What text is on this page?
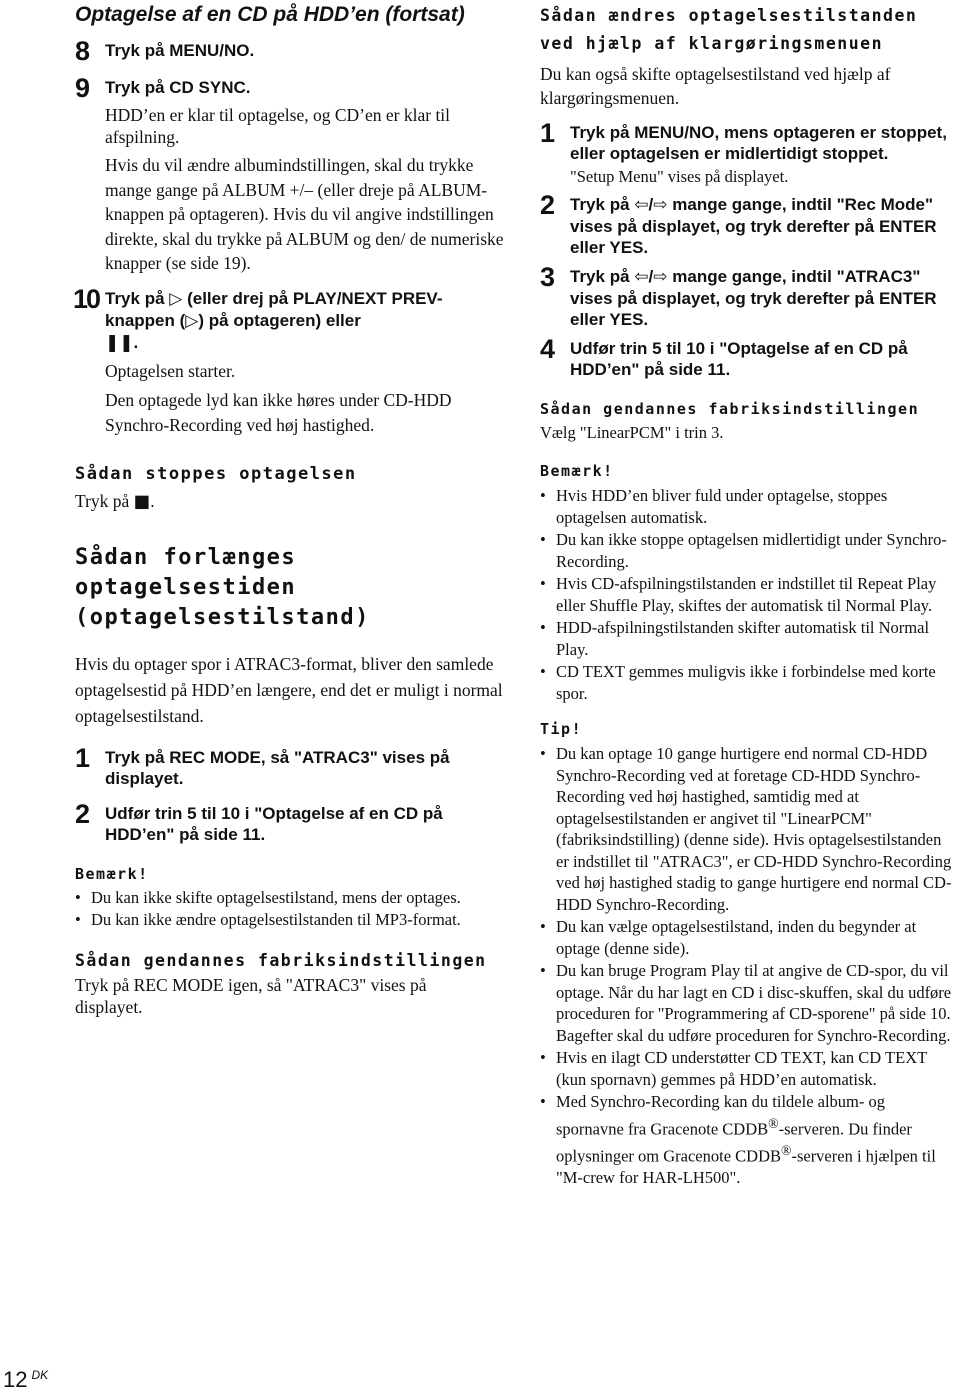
Optagelse af en CD på HDD’en (fortsat)
8 Tryk på MENU/NO.
9 Tryk på CD SYNC.
HDD’en er klar til optagelse, og CD’en er klar til afspilning.
Hvis du vil ændre albumindstillingen, skal du trykke mange gange på ALBUM +/– (eller dreje på ALBUM-knappen på optageren). Hvis du vil angive indstillingen direkte, skal du trykke på ALBUM og den/ de numeriske knapper (se side 19).
10 Tryk på ▷ (eller drej på PLAY/NEXT PREV-knappen (▷) på optageren) eller
❚❚.
Optagelsen starter.
Den optagede lyd kan ikke høres under CD-HDD Synchro-Recording ved høj hastighed.
Sådan stoppes optagelsen
Tryk på ■.
Sådan forlænges optagelsestiden (optagelsestilstand)
Hvis du optager spor i ATRAC3-format, bliver den samlede optagelsestid på HDD’en længere, end det er muligt i normal optagelsestilstand.
1 Tryk på REC MODE, så "ATRAC3" vises på displayet.
2 Udfør trin 5 til 10 i "Optagelse af en CD på HDD’en" på side 11.
Bemærk!
• Du kan ikke skifte optagelsestilstand, mens der optages.
• Du kan ikke ændre optagelsestilstanden til MP3-format.
Sådan gendannes fabriksindstillingen
Tryk på REC MODE igen, så "ATRAC3" vises på displayet.
Sådan ændres optagelsestilstanden ved hjælp af klargøringsmenuen
Du kan også skifte optagelsestilstand ved hjælp af klargøringsmenuen.
1 Tryk på MENU/NO, mens optageren er stoppet, eller optagelsen er midlertidigt stoppet.
"Setup Menu" vises på displayet.
2 Tryk på ⇦/⇨ mange gange, indtil "Rec Mode" vises på displayet, og tryk derefter på ENTER eller YES.
3 Tryk på ⇦/⇨ mange gange, indtil "ATRAC3" vises på displayet, og tryk derefter på ENTER eller YES.
4 Udfør trin 5 til 10 i "Optagelse af en CD på HDD’en" på side 11.
Sådan gendannes fabriksindstillingen
Vælg "LinearPCM" i trin 3.
Bemærk!
• Hvis HDD’en bliver fuld under optagelse, stoppes optagelsen automatisk.
• Du kan ikke stoppe optagelsen midlertidigt under Synchro-Recording.
• Hvis CD-afspilningstilstanden er indstillet til Repeat Play eller Shuffle Play, skiftes der automatisk til Normal Play.
• HDD-afspilningstilstanden skifter automatisk til Normal Play.
• CD TEXT gemmes muligvis ikke i forbindelse med korte spor.
Tip!
• Du kan optage 10 gange hurtigere end normal CD-HDD Synchro-Recording ved at foretage CD-HDD Synchro-Recording ved høj hastighed, samtidig med at optagelsestilstanden er angivet til "LinearPCM" (fabriksindstilling) (denne side). Hvis optagelsestilstanden er indstillet til "ATRAC3", er CD-HDD Synchro-Recording ved høj hastighed stadig to gange hurtigere end normal CD-HDD Synchro-Recording.
• Du kan vælge optagelsestilstand, inden du begynder at optage (denne side).
• Du kan bruge Program Play til at angive de CD-spor, du vil optage. Når du har lagt en CD i disc-skuffen, skal du udføre proceduren for "Programmering af CD-sporene" på side 10. Bagefter skal du udføre proceduren for Synchro-Recording.
• Hvis en ilagt CD understøtter CD TEXT, kan CD TEXT (kun spornavn) gemmes på HDD’en automatisk.
• Med Synchro-Recording kan du tildele album- og spornavne fra Gracenote CDDB®-serveren. Du finder oplysninger om Gracenote CDDB®-serveren i hjælpen til "M-crew for HAR-LH500".
12 $^{DK}$
